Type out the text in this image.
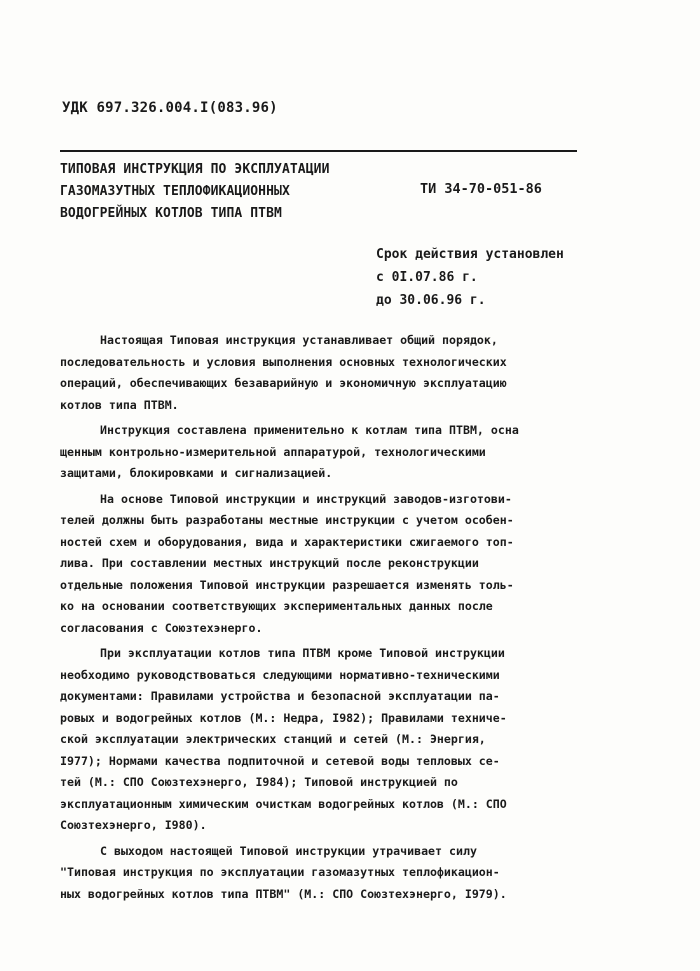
УДК 697.326.004.I(083.96)
ТИПОВАЯ ИНСТРУКЦИЯ ПО ЭКСПЛУАТАЦИИ
ГАЗОМАЗУТНЫХ ТЕПЛОФИКАЦИОННЫХ
ВОДОГРЕЙНЫХ КОТЛОВ ТИПА ПТВМ
ТИ 34-70-051-86
Срок действия установлен
с 0I.07.86 г.
до 30.06.96 г.

Настоящая Типовая инструкция устанавливает общий порядок,
последовательность и условия выполнения основных технологических
операций, обеспечивающих безаварийную и экономичную эксплуатацию
котлов типа ПТВМ.

Инструкция составлена применительно к котлам типа ПТВМ, осна
щенным контрольно-измерительной аппаратурой, технологическими
защитами, блокировками и сигнализацией.

На основе Типовой инструкции и инструкций заводов-изготови-
телей должны быть разработаны местные инструкции с учетом особен-
ностей схем и оборудования, вида и характеристики сжигаемого топ-
лива. При составлении местных инструкций после реконструкции
отдельные положения Типовой инструкции разрешается изменять толь-
ко на основании соответствующих экспериментальных данных после
согласования с Союзтехэнерго.

При эксплуатации котлов типа ПТВМ кроме Типовой инструкции
необходимо руководствоваться следующими нормативно-техническими
документами: Правилами устройства и безопасной эксплуатации па-
ровых и водогрейных котлов (М.: Недра, I982); Правилами техниче-
ской эксплуатации электрических станций и сетей (М.: Энергия,
I977); Нормами качества подпиточной и сетевой воды тепловых се-
тей (М.: СПО Союзтехэнерго, I984); Типовой инструкцией по
эксплуатационным химическим очисткам водогрейных котлов (М.: СПО
Союзтехэнерго, I980).

С выходом настоящей Типовой инструкции утрачивает силу
"Типовая инструкция по эксплуатации газомазутных теплофикацион-
ных водогрейных котлов типа ПТВМ" (М.: СПО Союзтехэнерго, I979).
